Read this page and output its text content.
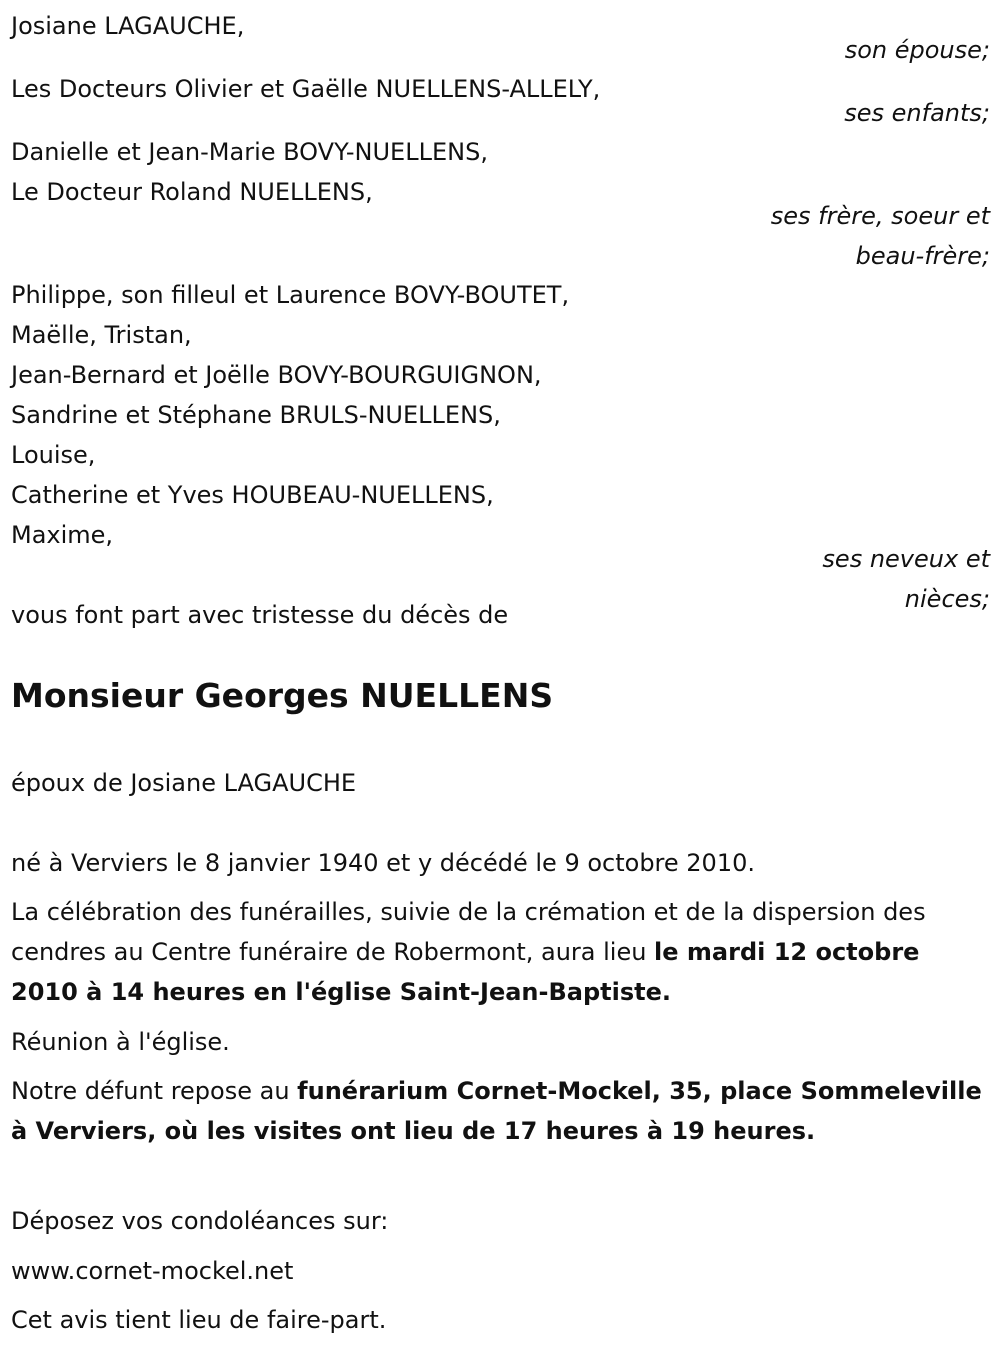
Josiane LAGAUCHE,
son épouse;
Les Docteurs Olivier et Gaëlle NUELLENS-ALLELY,
ses enfants;
Danielle et Jean-Marie BOVY-NUELLENS,
Le Docteur Roland NUELLENS,
ses frère, soeur et
beau-frère;
Philippe, son filleul et Laurence BOVY-BOUTET,
Maëlle, Tristan,
Jean-Bernard et Joëlle BOVY-BOURGUIGNON,
Sandrine et Stéphane BRULS-NUELLENS,
Louise,
Catherine et Yves HOUBEAU-NUELLENS,
Maxime,
ses neveux et
nièces;
vous font part avec tristesse du décès de
Monsieur Georges NUELLENS
époux de Josiane LAGAUCHE
né à Verviers le 8 janvier 1940 et y décédé le 9 octobre 2010.
La célébration des funérailles, suivie de la crémation et de la dispersion des cendres au Centre funéraire de Robermont, aura lieu le mardi 12 octobre 2010 à 14 heures en l'église Saint-Jean-Baptiste.
Réunion à l'église.
Notre défunt repose au funérarium Cornet-Mockel, 35, place Sommeleville à Verviers, où les visites ont lieu de 17 heures à 19 heures.
Déposez vos condoléances sur:
www.cornet-mockel.net
Cet avis tient lieu de faire-part.
